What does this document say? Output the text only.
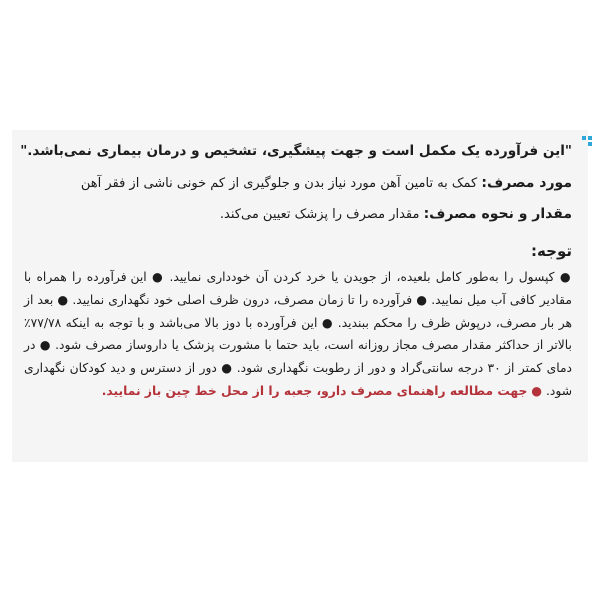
"این فرآورده یک مکمل است و جهت پیشگیری، تشخیص و درمان بیماری نمی‌باشد."

مورد مصرف: کمک به تامین آهن مورد نیاز بدن و جلوگیری از کم خونی ناشی از فقر آهن

مقدار و نحوه مصرف: مقدار مصرف را پزشک تعیین می‌کند.

توجه:

● کپسول را به‌طور کامل بلعیده، از جویدن یا خرد کردن آن خودداری نمایید. ● این فرآورده را همراه با مقادیر کافی آب میل نمایید. ● فرآورده را تا زمان مصرف، درون ظرف اصلی خود نگهداری نمایید. ● بعد از هر بار مصرف، درپوش ظرف را محکم ببندید. ● این فرآورده با دوز بالا می‌باشد و با توجه به اینکه ۷۷/۷۸٪ بالاتر از حداکثر مقدار مصرف مجاز روزانه است، باید حتما با مشورت پزشک یا داروساز مصرف شود. ● در دمای کمتر از ۳۰ درجه سانتی‌گراد و دور از رطوبت نگهداری شود. ● دور از دسترس و دید کودکان نگهداری شود. ● جهت مطالعه راهنمای مصرف دارو، جعبه را از محل خط چین باز نمایید.
